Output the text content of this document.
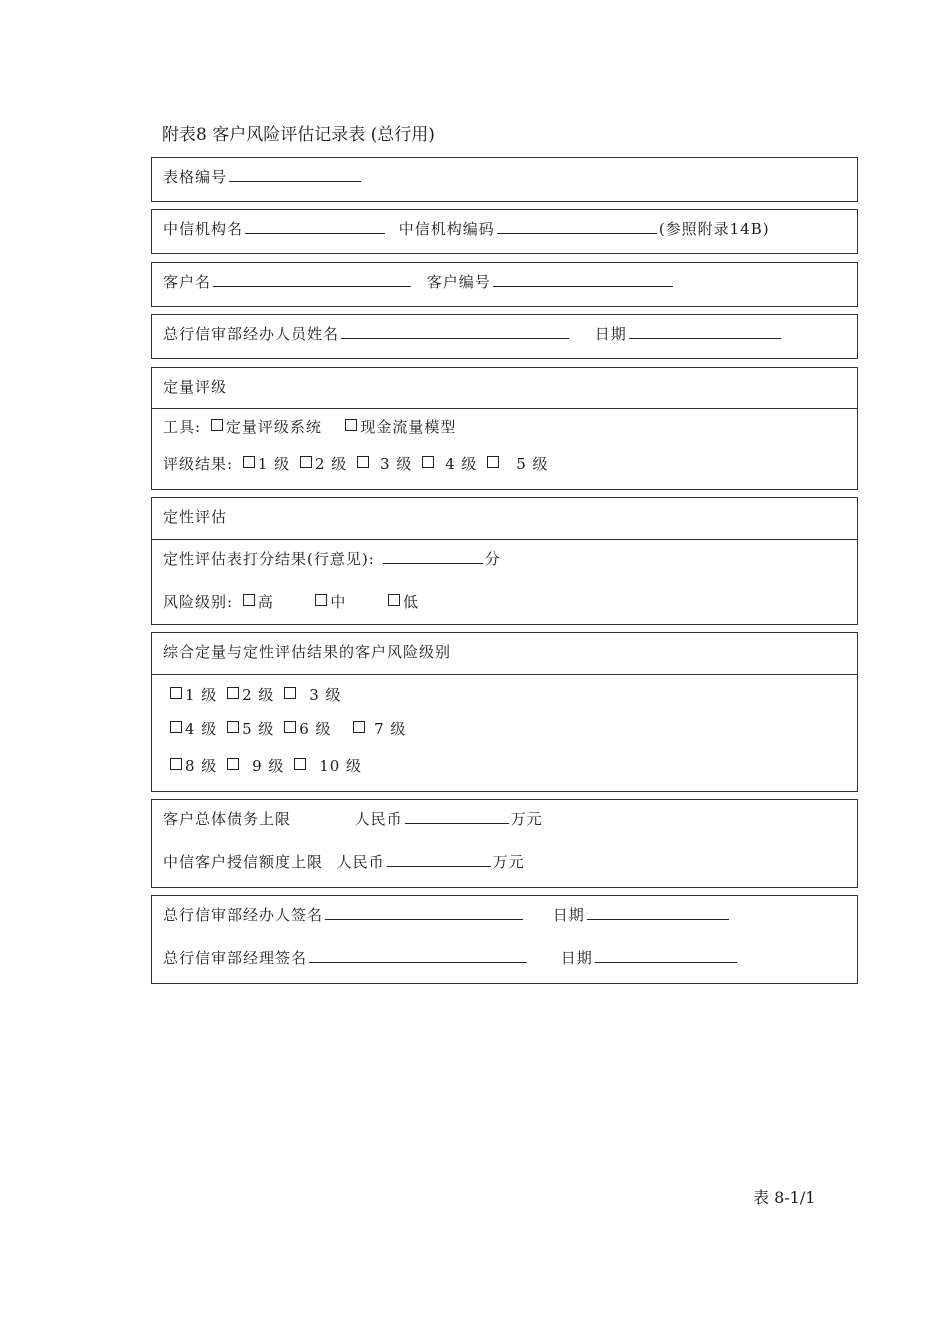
附表8 客户风险评估记录表 (总行用)
表格编号
中信机构名	中信机构编码	(参照附录14B)
客户名	客户编号
总行信审部经办人员姓名	日期
定量评级
工具: 定量评级系统	现金流量模型
评级结果: 1 级 2 级 3 级 4 级	5 级
定性评估
定性评估表打分结果(行意见):	分
风险级别: 高	中	低
综合定量与定性评估结果的客户风险级别
1 级 2 级 3 级
4 级 5 级 6 级	7 级
8 级 9 级 10 级
客户总体债务上限	人民币	万元
中信客户授信额度上限 人民币	万元
总行信审部经办人签名	日期
总行信审部经理签名	日期
表 8-1/1
